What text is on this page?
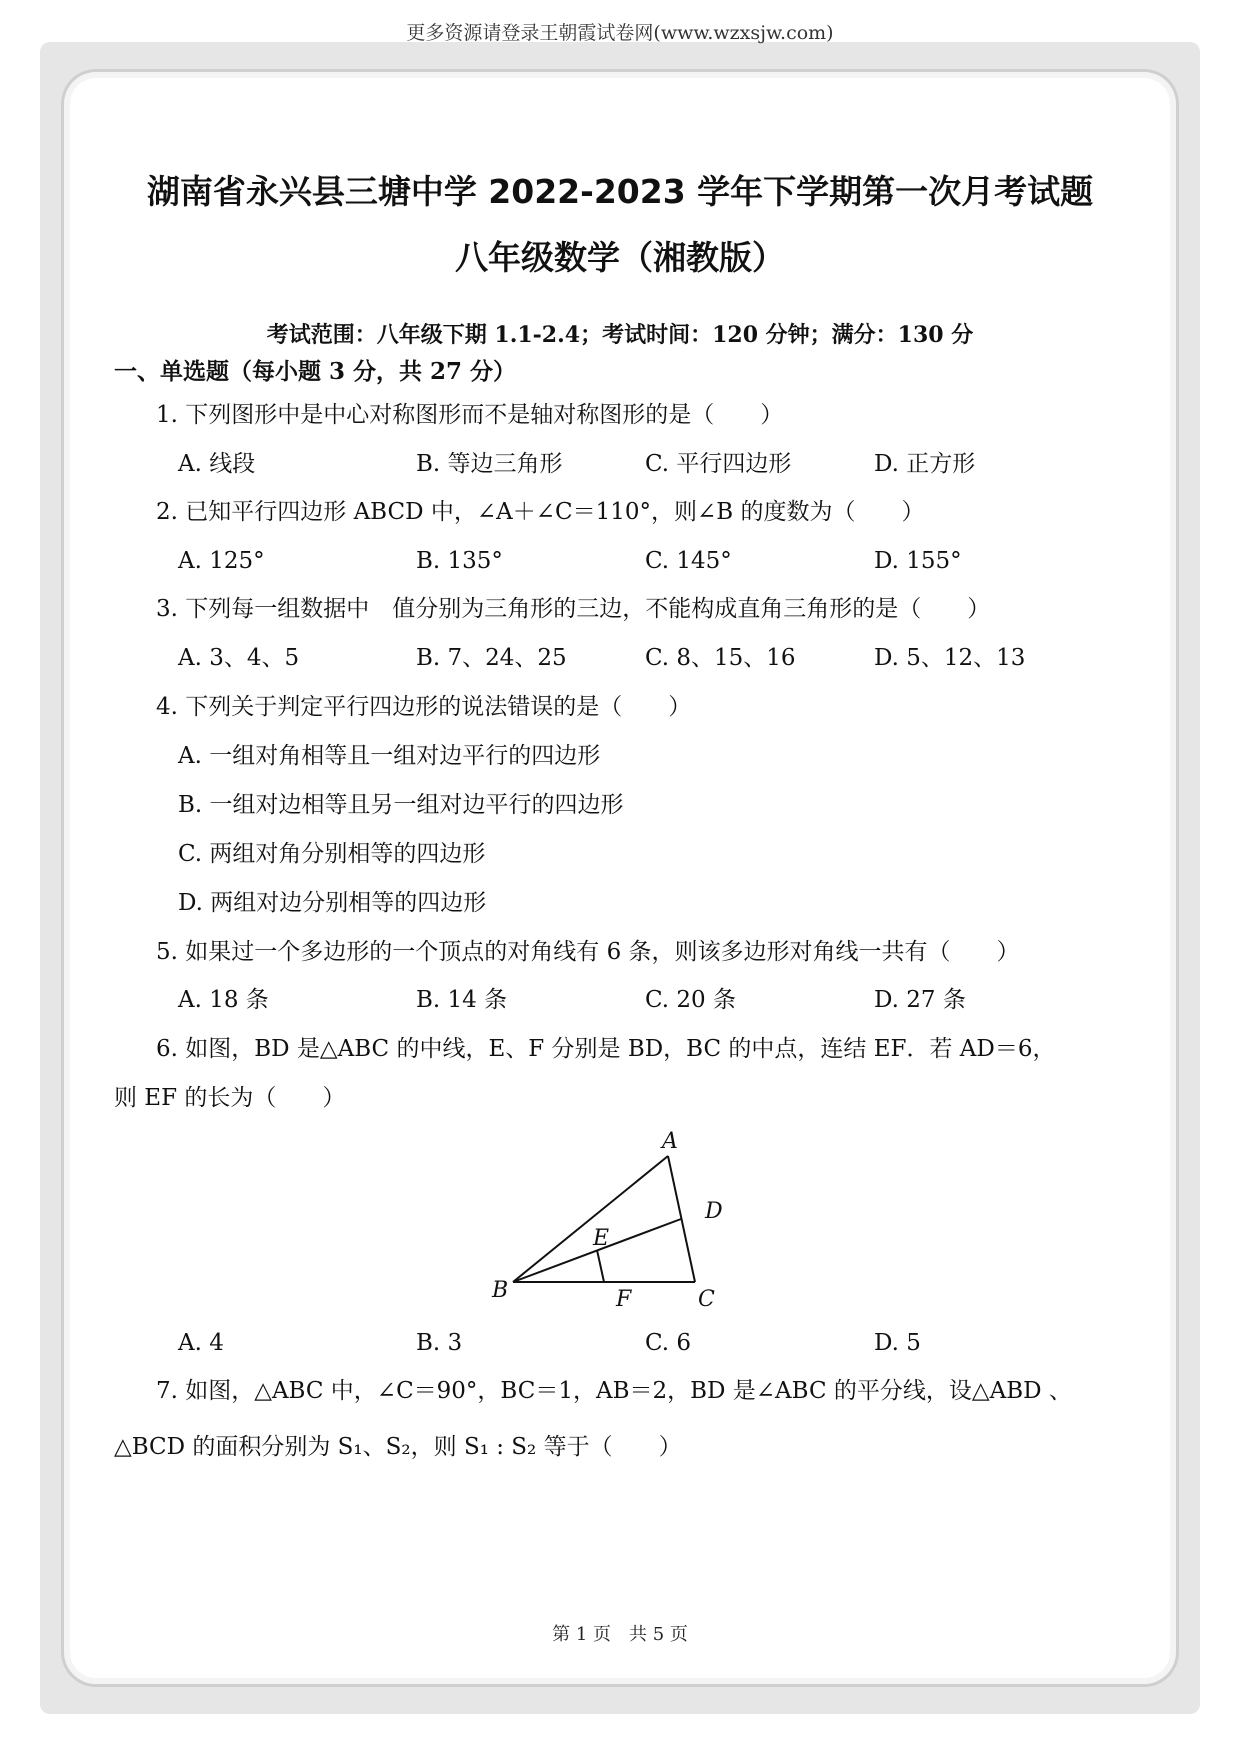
更多资源请登录王朝霞试卷网(www.wzxsjw.com)
湖南省永兴县三塘中学 2022-2023 学年下学期第一次月考试题
八年级数学（湘教版）
考试范围：八年级下期 1.1-2.4；考试时间：120 分钟；满分：130 分
一、单选题（每小题 3 分，共 27 分）
1. 下列图形中是中心对称图形而不是轴对称图形的是（　　）
A. 线段	B. 等边三角形	C. 平行四边形	D. 正方形
2. 已知平行四边形 ABCD 中，∠A＋∠C＝110°，则∠B 的度数为（　　）
A. 125°	B. 135°	C. 145°	D. 155°
3. 下列每一组数据中　值分别为三角形的三边，不能构成直角三角形的是（　　）
A. 3、4、5	B. 7、24、25	C. 8、15、16	D. 5、12、13
4. 下列关于判定平行四边形的说法错误的是（　　）
A. 一组对角相等且一组对边平行的四边形
B. 一组对边相等且另一组对边平行的四边形
C. 两组对角分别相等的四边形
D. 两组对边分别相等的四边形
5. 如果过一个多边形的一个顶点的对角线有 6 条，则该多边形对角线一共有（　　）
A. 18 条	B. 14 条	C. 20 条	D. 27 条
6. 如图，BD 是△ABC 的中线，E、F 分别是 BD，BC 的中点，连结 EF．若 AD＝6，
则 EF 的长为（　　）
A
B	C
D
E
F
A. 4	B. 3	C. 6	D. 5
7. 如图，△ABC 中，∠C＝90°，BC＝1，AB＝2，BD 是∠ABC 的平分线，设△ABD 、
△BCD 的面积分别为 S₁、S₂，则 S₁ : S₂ 等于（　　）
第 1 页　共 5 页
